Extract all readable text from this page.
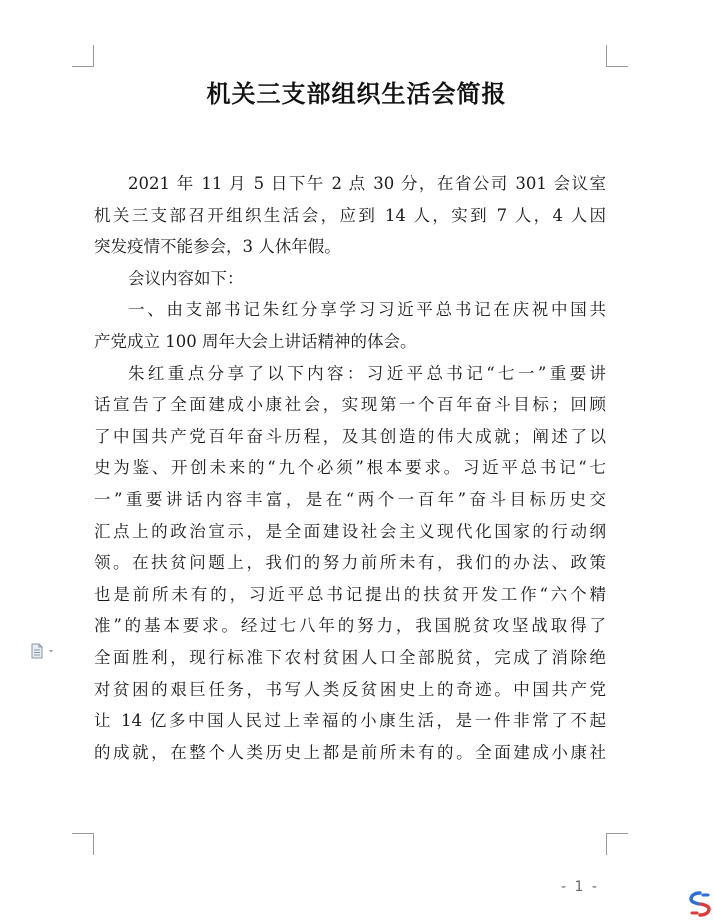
机关三支部组织生活会简报
2021 年 11 月 5 日下午 2 点 30 分，在省公司 301 会议室
机关三支部召开组织生活会，应到 14 人，实到 7 人，4 人因
突发疫情不能参会，3 人休年假。
会议内容如下：
一、由支部书记朱红分享学习习近平总书记在庆祝中国共
产党成立 100 周年大会上讲话精神的体会。
朱红重点分享了以下内容：习近平总书记“七一”重要讲
话宣告了全面建成小康社会，实现第一个百年奋斗目标；回顾
了中国共产党百年奋斗历程，及其创造的伟大成就；阐述了以
史为鉴、开创未来的“九个必须”根本要求。习近平总书记“七
一”重要讲话内容丰富，是在“两个一百年”奋斗目标历史交
汇点上的政治宣示，是全面建设社会主义现代化国家的行动纲
领。在扶贫问题上，我们的努力前所未有，我们的办法、政策
也是前所未有的，习近平总书记提出的扶贫开发工作“六个精
准”的基本要求。经过七八年的努力，我国脱贫攻坚战取得了
全面胜利，现行标准下农村贫困人口全部脱贫，完成了消除绝
对贫困的艰巨任务，书写人类反贫困史上的奇迹。中国共产党
让 14 亿多中国人民过上幸福的小康生活，是一件非常了不起
的成就，在整个人类历史上都是前所未有的。全面建成小康社
- 1 -
